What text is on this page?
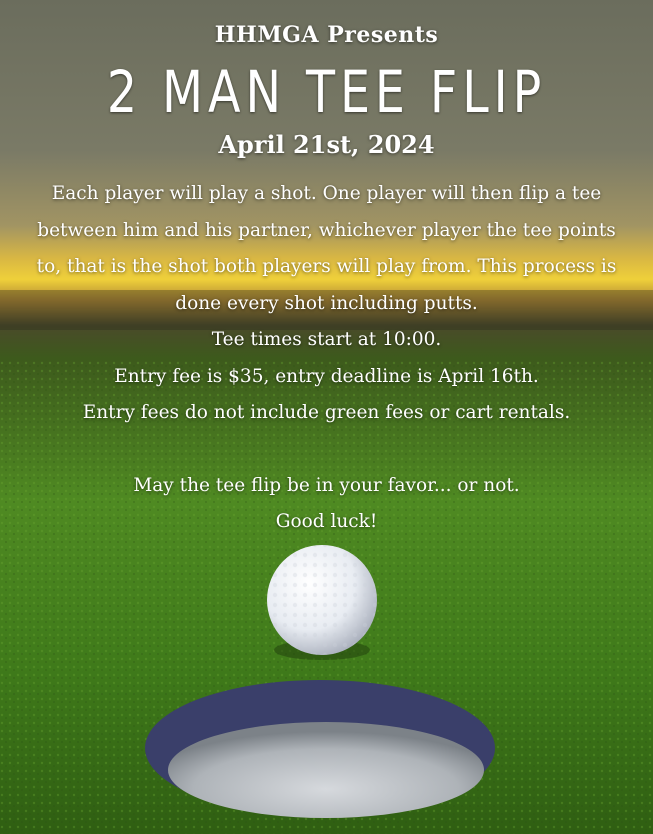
HHMGA Presents
2 MAN TEE FLIP
April 21st, 2024

Each player will play a shot. One player will then flip a tee between him and his partner, whichever player the tee points to, that is the shot both players will play from. This process is done every shot including putts.

Tee times start at 10:00.

Entry fee is $35, entry deadline is April 16th.

Entry fees do not include green fees or cart rentals.

May the tee flip be in your favor... or not.

Good luck!
